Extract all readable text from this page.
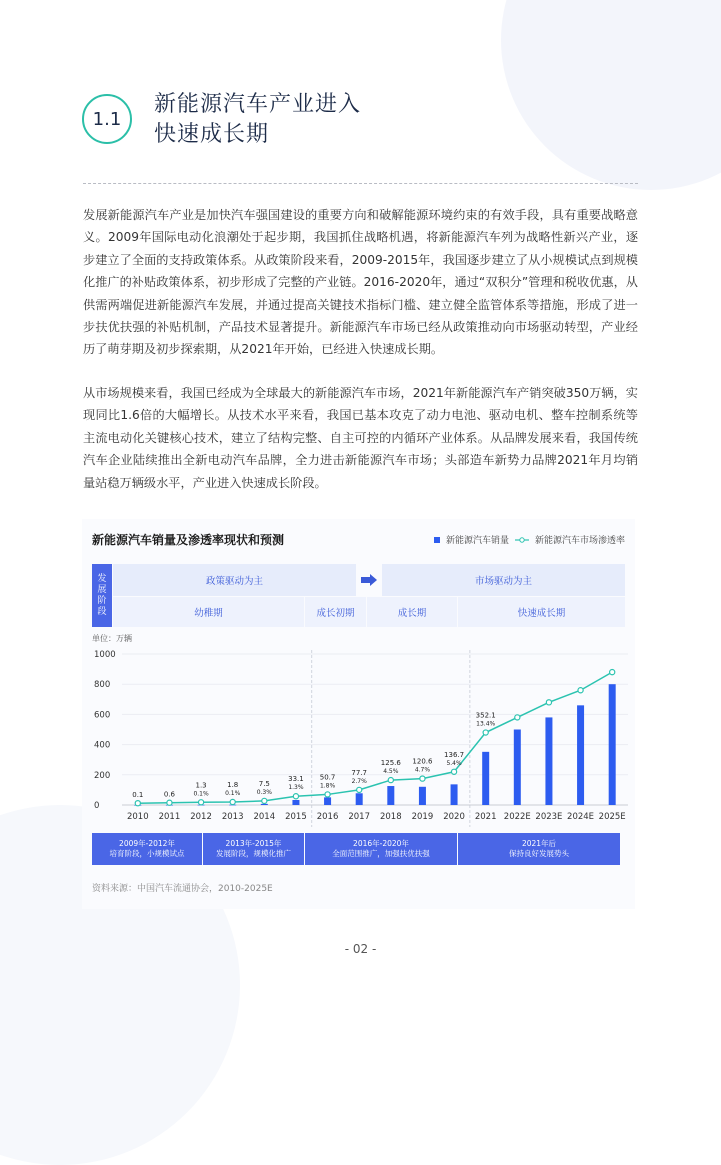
1.1
新能源汽车产业进入
快速成长期

发展新能源汽车产业是加快汽车强国建设的重要方向和破解能源环境约束的有效手段，具有重要战略意义。2009年国际电动化浪潮处于起步期，我国抓住战略机遇，将新能源汽车列为战略性新兴产业，逐步建立了全面的支持政策体系。从政策阶段来看，2009-2015年，我国逐步建立了从小规模试点到规模化推广的补贴政策体系，初步形成了完整的产业链。2016-2020年，通过“双积分”管理和税收优惠，从供需两端促进新能源汽车发展，并通过提高关键技术指标门槛、建立健全监管体系等措施，形成了进一步扶优扶强的补贴机制，产品技术显著提升。新能源汽车市场已经从政策推动向市场驱动转型，产业经历了萌芽期及初步探索期，从2021年开始，已经进入快速成长期。

从市场规模来看，我国已经成为全球最大的新能源汽车市场，2021年新能源汽车产销突破350万辆，实现同比1.6倍的大幅增长。从技术水平来看，我国已基本攻克了动力电池、驱动电机、整车控制系统等主流电动化关键核心技术，建立了结构完整、自主可控的内循环产业体系。从品牌发展来看，我国传统汽车企业陆续推出全新电动汽车品牌，全力进击新能源汽车市场；头部造车新势力品牌2021年月均销量站稳万辆级水平，产业进入快速成长阶段。

新能源汽车销量及渗透率现状和预测	新能源汽车销量	新能源汽车市场渗透率
发
展
阶
段
政策驱动为主	市场驱动为主
幼稚期	成长初期	成长期	快速成长期
单位：万辆
0
200
400
600
800
1000
0.1	0.6
1.3	1.8	7.5
33.1 50.7
77.7
125.6 120.6
136.7
352.1
0.1%	0.1%	0.3%
1.3%	1.8%
2.7%
4.5%	4.7%
5.4%
13.4%
2010 2011 2012 2013 2014 2015 2016 2017 2018 2019 2020 2021 2022E 2023E 2024E 2025E
2009年-2012年
培育阶段，小规模试点
2013年-2015年
发展阶段，规模化推广
2016年-2020年
全面范围推广，加强扶优扶强
2021年后
保持良好发展势头
资料来源：中国汽车流通协会，2010-2025E
- 02 -
